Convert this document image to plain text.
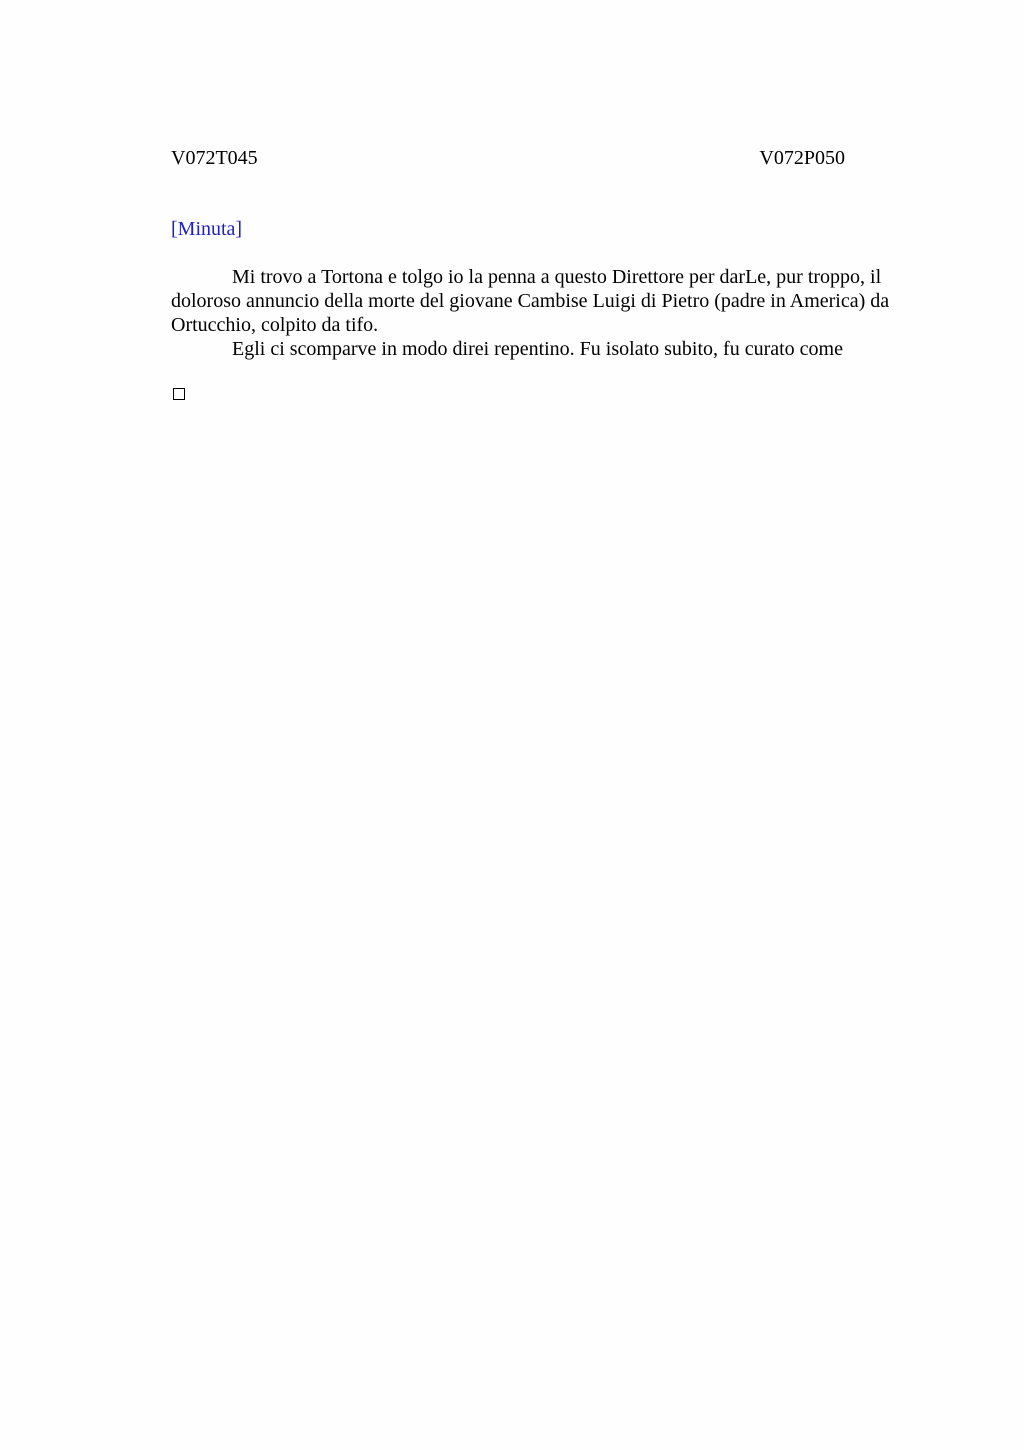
V072T045	V072P050
[Minuta]

Mi trovo a Tortona e tolgo io la penna a questo Direttore per darLe, pur troppo, il doloroso annuncio della morte del giovane Cambise Luigi di Pietro (padre in America) da Ortucchio, colpito da tifo.

Egli ci scomparve in modo direi repentino. Fu isolato subito, fu curato come
